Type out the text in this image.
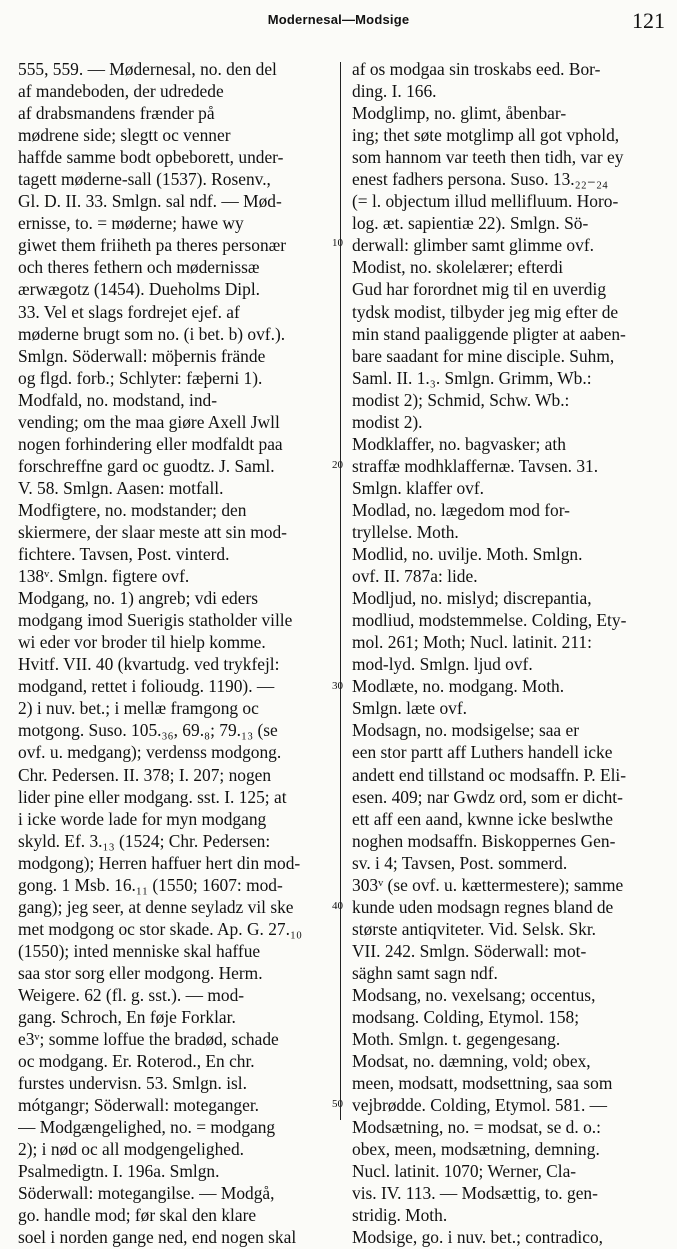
Modernesal—Modsige	121
555, 559. — Mødernesal, no. den del
af mandeboden, der udredede
af drabsmandens frænder på
mødrene side; slegtt oc venner
haffde samme bodt opbeborett, under-
tagett møderne-sall (1537). Rosenv.,
Gl. D. II. 33. Smlgn. sal ndf. — Mød-
ernisse, to. = møderne; hawe wy
giwet them friiheth pa theres personær
och theres fethern och mødernissæ
ærwægotz (1454). Dueholms Dipl.
33. Vel et slags fordrejet ejef. af
møderne brugt som no. (i bet. b) ovf.).
Smlgn. Söderwall: möþernis frände
og flgd. forb.; Schlyter: fæþerni 1).
Modfald, no. modstand, ind-
vending; om the maa giøre Axell Jwll
nogen forhindering eller modfaldt paa
forschreffne gard oc guodtz. J. Saml.
V. 58. Smlgn. Aasen: motfall.
Modfigtere, no. modstander; den
skiermere, der slaar meste att sin mod-
fichtere. Tavsen, Post. vinterd.
138ᵛ. Smlgn. figtere ovf.
Modgang, no. 1) angreb; vdi eders
modgang imod Suerigis statholder ville
wi eder vor broder til hielp komme.
Hvitf. VII. 40 (kvartudg. ved trykfejl:
modgand, rettet i folioudg. 1190). —
2) i nuv. bet.; i mellæ framgong oc
motgong. Suso. 105.₃₆, 69.₈; 79.₁₃ (se
ovf. u. medgang); verdenss modgong.
Chr. Pedersen. II. 378; I. 207; nogen
lider pine eller modgang. sst. I. 125; at
i icke worde lade for myn modgang
skyld. Ef. 3.₁₃ (1524; Chr. Pedersen:
modgong); Herren haffuer hert din mod-
gong. 1 Msb. 16.₁₁ (1550; 1607: mod-
gang); jeg seer, at denne seyladz vil ske
met modgong oc stor skade. Ap. G. 27.₁₀
(1550); inted menniske skal haffue
saa stor sorg eller modgong. Herm.
Weigere. 62 (fl. g. sst.). — mod-
gang. Schroch, En føje Forklar.
e3ᵛ; somme loffue the bradød, schade
oc modgang. Er. Roterod., En chr.
furstes undervisn. 53. Smlgn. isl.
mótgangr; Söderwall: moteganger.
— Modgængelighed, no. = modgang
2); i nød oc all modgengelighed.
Psalmedigtn. I. 196a. Smlgn.
Söderwall: motegangilse. — Modgå,
go. handle mod; før skal den klare
soel i norden gange ned, end nogen skal
af os modgaa sin troskabs eed. Bor-
ding. I. 166.
Modglimp, no. glimt, åbenbar-
ing; thet søte motglimp all got vphold,
som hannom var teeth then tidh, var ey
enest fadhers persona. Suso. 13.₂₂₋₂₄
(= l. objectum illud mellifluum. Horo-
log. æt. sapientiæ 22). Smlgn. Sö-
derwall: glimber samt glimme ovf.
Modist, no. skolelærer; efterdi
Gud har forordnet mig til en uverdig
tydsk modist, tilbyder jeg mig efter de
min stand paaliggende pligter at aaben-
bare saadant for mine disciple. Suhm,
Saml. II. 1.₃. Smlgn. Grimm, Wb.:
modist 2); Schmid, Schw. Wb.:
modist 2).
Modklaffer, no. bagvasker; ath
straffæ modhklaffernæ. Tavsen. 31.
Smlgn. klaffer ovf.
Modlad, no. lægedom mod for-
tryllelse. Moth.
Modlid, no. uvilje. Moth. Smlgn.
ovf. II. 787a: lide.
Modljud, no. mislyd; discrepantia,
modliud, modstemmelse. Colding, Ety-
mol. 261; Moth; Nucl. latinit. 211:
mod-lyd. Smlgn. ljud ovf.
Modlæte, no. modgang. Moth.
Smlgn. læte ovf.
Modsagn, no. modsigelse; saa er
een stor partt aff Luthers handell icke
andett end tillstand oc modsaffn. P. Eli-
esen. 409; nar Gwdz ord, som er dicht-
ett aff een aand, kwnne icke beslwthe
noghen modsaffn. Biskoppernes Gen-
sv. i 4; Tavsen, Post. sommerd.
303ᵛ (se ovf. u. kættermestere); samme
kunde uden modsagn regnes bland de
største antiqviteter. Vid. Selsk. Skr.
VII. 242. Smlgn. Söderwall: mot-
säghn samt sagn ndf.
Modsang, no. vexelsang; occentus,
modsang. Colding, Etymol. 158;
Moth. Smlgn. t. gegengesang.
Modsat, no. dæmning, vold; obex,
meen, modsatt, modsettning, saa som
vejbrødde. Colding, Etymol. 581. —
Modsætning, no. = modsat, se d. o.:
obex, meen, modsætning, demning.
Nucl. latinit. 1070; Werner, Cla-
vis. IV. 113. — Modsættig, to. gen-
stridig. Moth.
Modsige, go. i nuv. bet.; contradico,
10
20
30
40
50
